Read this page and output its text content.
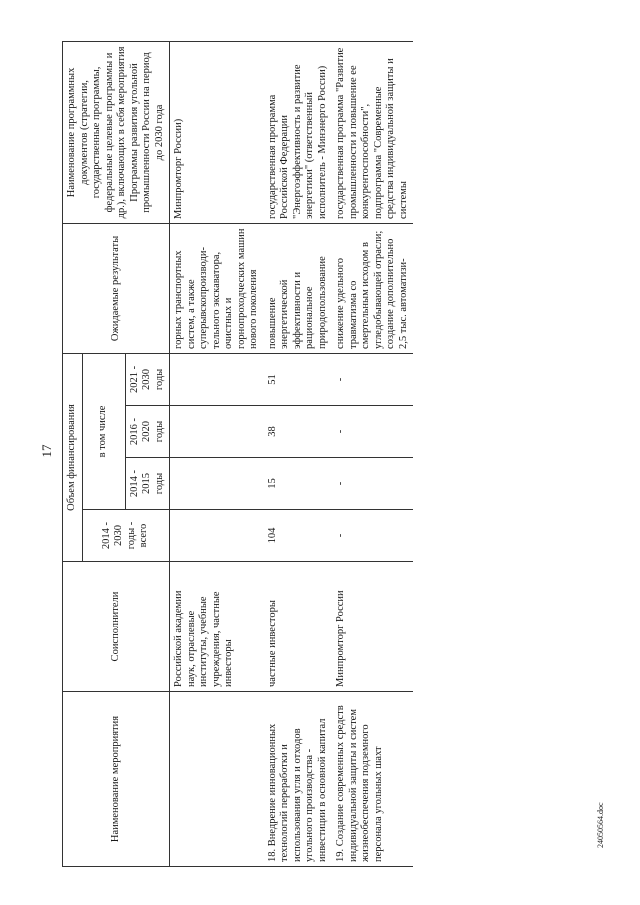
17
Наименование мероприятия	Соисполнители	Объем финансирования				Ожидаемые результаты	Наименование программных документов (стратегии, государственные программы, федеральные целевые программы и др.), включающих в себя мероприятия Программы развития угольной промышленности России на период до 2030 года
		2014 - 2030 годы - всего	в том числе				
			2014 - 2015 годы	2016 - 2020 годы	2021 - 2030 годы		
	Российской академии наук, отраслевые институты, учебные учреждения, частные инвесторы					горных транспортных систем, а также суперывскопроизводи-тельного экскаватора, очистных и горнопроходческих машин нового поколения	Минпромторг России)
18. Внедрение инновационных технологий переработки и использования угля и отходов угольного производства - инвестиции в основной капитал	частные инвесторы	104	15	38	51	повышение энергетической эффективности и рациональное природопользование	государственная программа Российской Федерации "Энергоэффективность и развитие энергетики" (ответственный исполнитель - Минэнерго России)
19. Создание современных средств индивидуальной защиты и систем жизнеобеспечения подземного персонала угольных шахт	Минпромторг России	-	-	-	-	снижение удельного травматизма со смертельным исходом в угледобывающей отрасли; создание дополнительно 2,5 тыс. автоматизи-	государственная программа "Развитие промышленности и повышение ее конкурентоспособности", подпрограмма "Современные средства индивидуальной защиты и системы
24050564.doc
